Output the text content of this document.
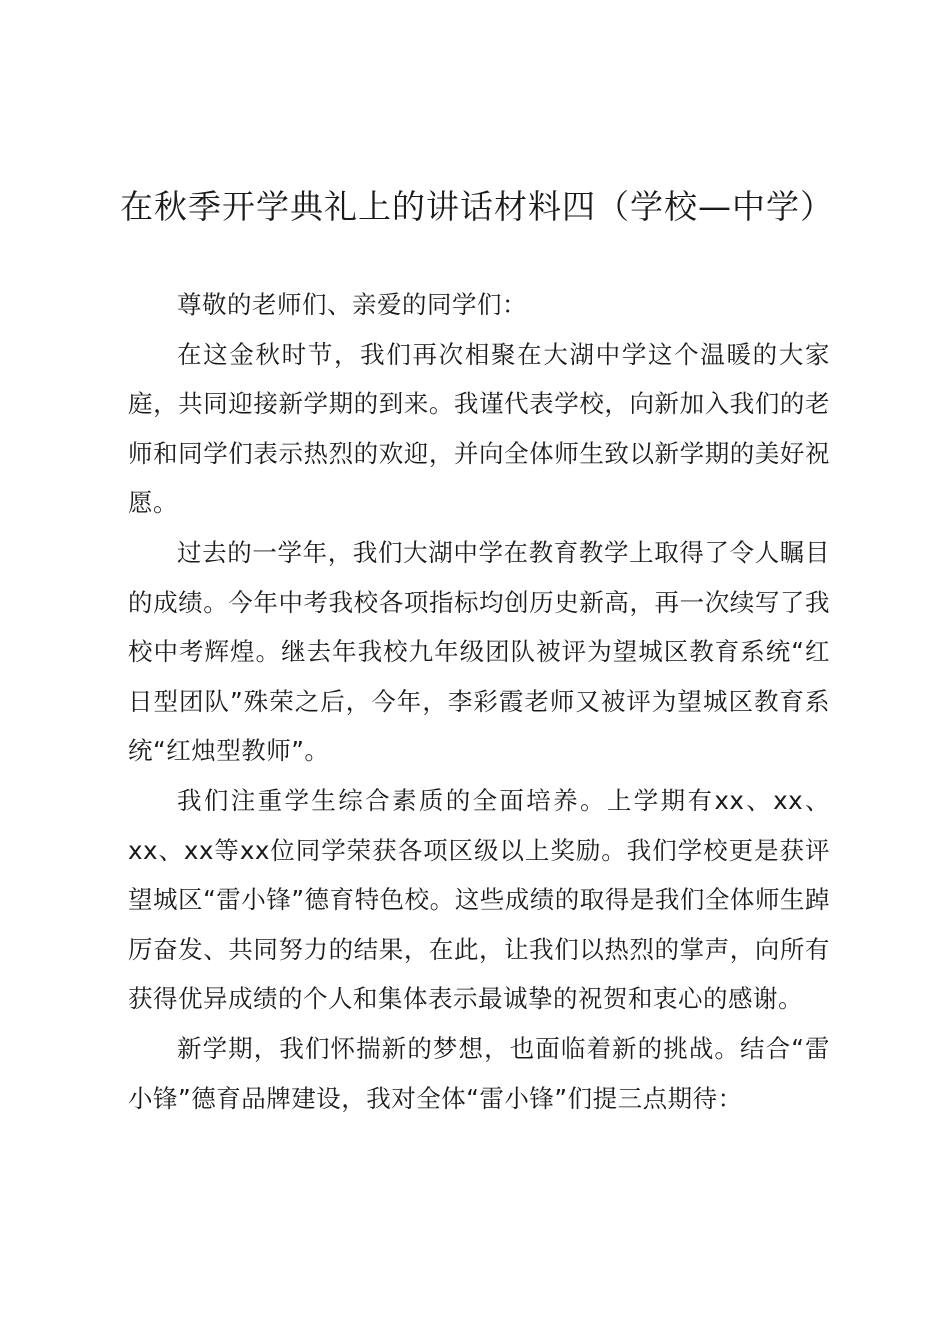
在秋季开学典礼上的讲话材料四（学校—中学）

尊敬的老师们、亲爱的同学们：

在这金秋时节，我们再次相聚在大湖中学这个温暖的大家庭，共同迎接新学期的到来。我谨代表学校，向新加入我们的老师和同学们表示热烈的欢迎，并向全体师生致以新学期的美好祝愿。

过去的一学年，我们大湖中学在教育教学上取得了令人瞩目的成绩。今年中考我校各项指标均创历史新高，再一次续写了我校中考辉煌。继去年我校九年级团队被评为望城区教育系统“红日型团队”殊荣之后，今年，李彩霞老师又被评为望城区教育系统“红烛型教师”。

我们注重学生综合素质的全面培养。上学期有xx、xx、xx、xx等xx位同学荣获各项区级以上奖励。我们学校更是获评望城区“雷小锋”德育特色校。这些成绩的取得是我们全体师生踔厉奋发、共同努力的结果，在此，让我们以热烈的掌声，向所有获得优异成绩的个人和集体表示最诚挚的祝贺和衷心的感谢。

新学期，我们怀揣新的梦想，也面临着新的挑战。结合“雷小锋”德育品牌建设，我对全体“雷小锋”们提三点期待：
